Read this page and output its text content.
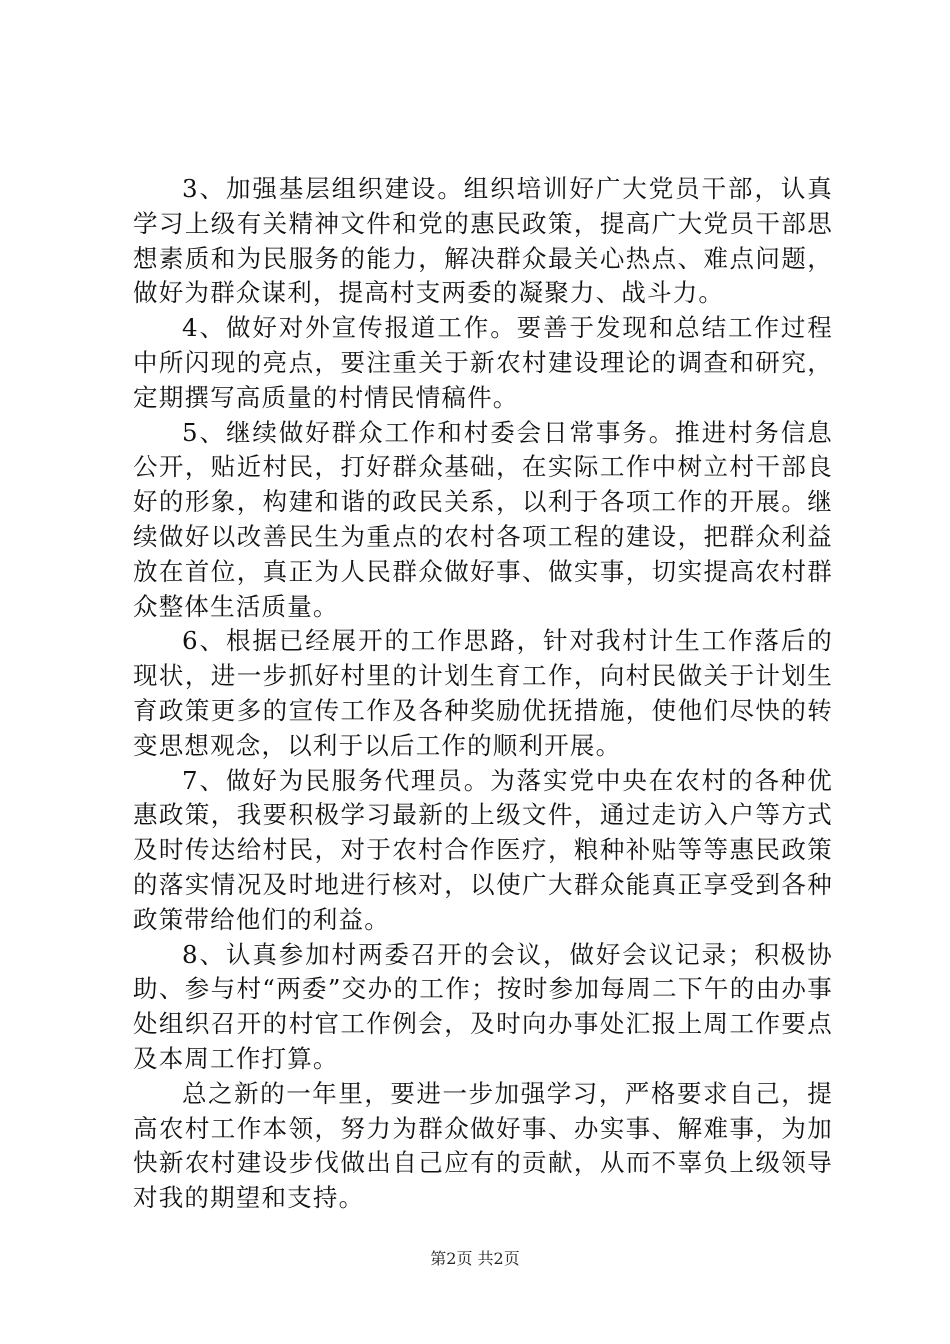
3、加强基层组织建设。组织培训好广大党员干部，认真学习上级有关精神文件和党的惠民政策，提高广大党员干部思想素质和为民服务的能力，解决群众最关心热点、难点问题，做好为群众谋利，提高村支两委的凝聚力、战斗力。

4、做好对外宣传报道工作。要善于发现和总结工作过程中所闪现的亮点，要注重关于新农村建设理论的调查和研究，定期撰写高质量的村情民情稿件。

5、继续做好群众工作和村委会日常事务。推进村务信息公开，贴近村民，打好群众基础，在实际工作中树立村干部良好的形象，构建和谐的政民关系，以利于各项工作的开展。继续做好以改善民生为重点的农村各项工程的建设，把群众利益放在首位，真正为人民群众做好事、做实事，切实提高农村群众整体生活质量。

6、根据已经展开的工作思路，针对我村计生工作落后的现状，进一步抓好村里的计划生育工作，向村民做关于计划生育政策更多的宣传工作及各种奖励优抚措施，使他们尽快的转变思想观念，以利于以后工作的顺利开展。

7、做好为民服务代理员。为落实党中央在农村的各种优惠政策，我要积极学习最新的上级文件，通过走访入户等方式及时传达给村民，对于农村合作医疗，粮种补贴等等惠民政策的落实情况及时地进行核对，以使广大群众能真正享受到各种政策带给他们的利益。

8、认真参加村两委召开的会议，做好会议记录；积极协助、参与村“两委”交办的工作；按时参加每周二下午的由办事处组织召开的村官工作例会，及时向办事处汇报上周工作要点及本周工作打算。

总之新的一年里，要进一步加强学习，严格要求自己，提高农村工作本领，努力为群众做好事、办实事、解难事，为加快新农村建设步伐做出自己应有的贡献，从而不辜负上级领导对我的期望和支持。

第2页 共2页
